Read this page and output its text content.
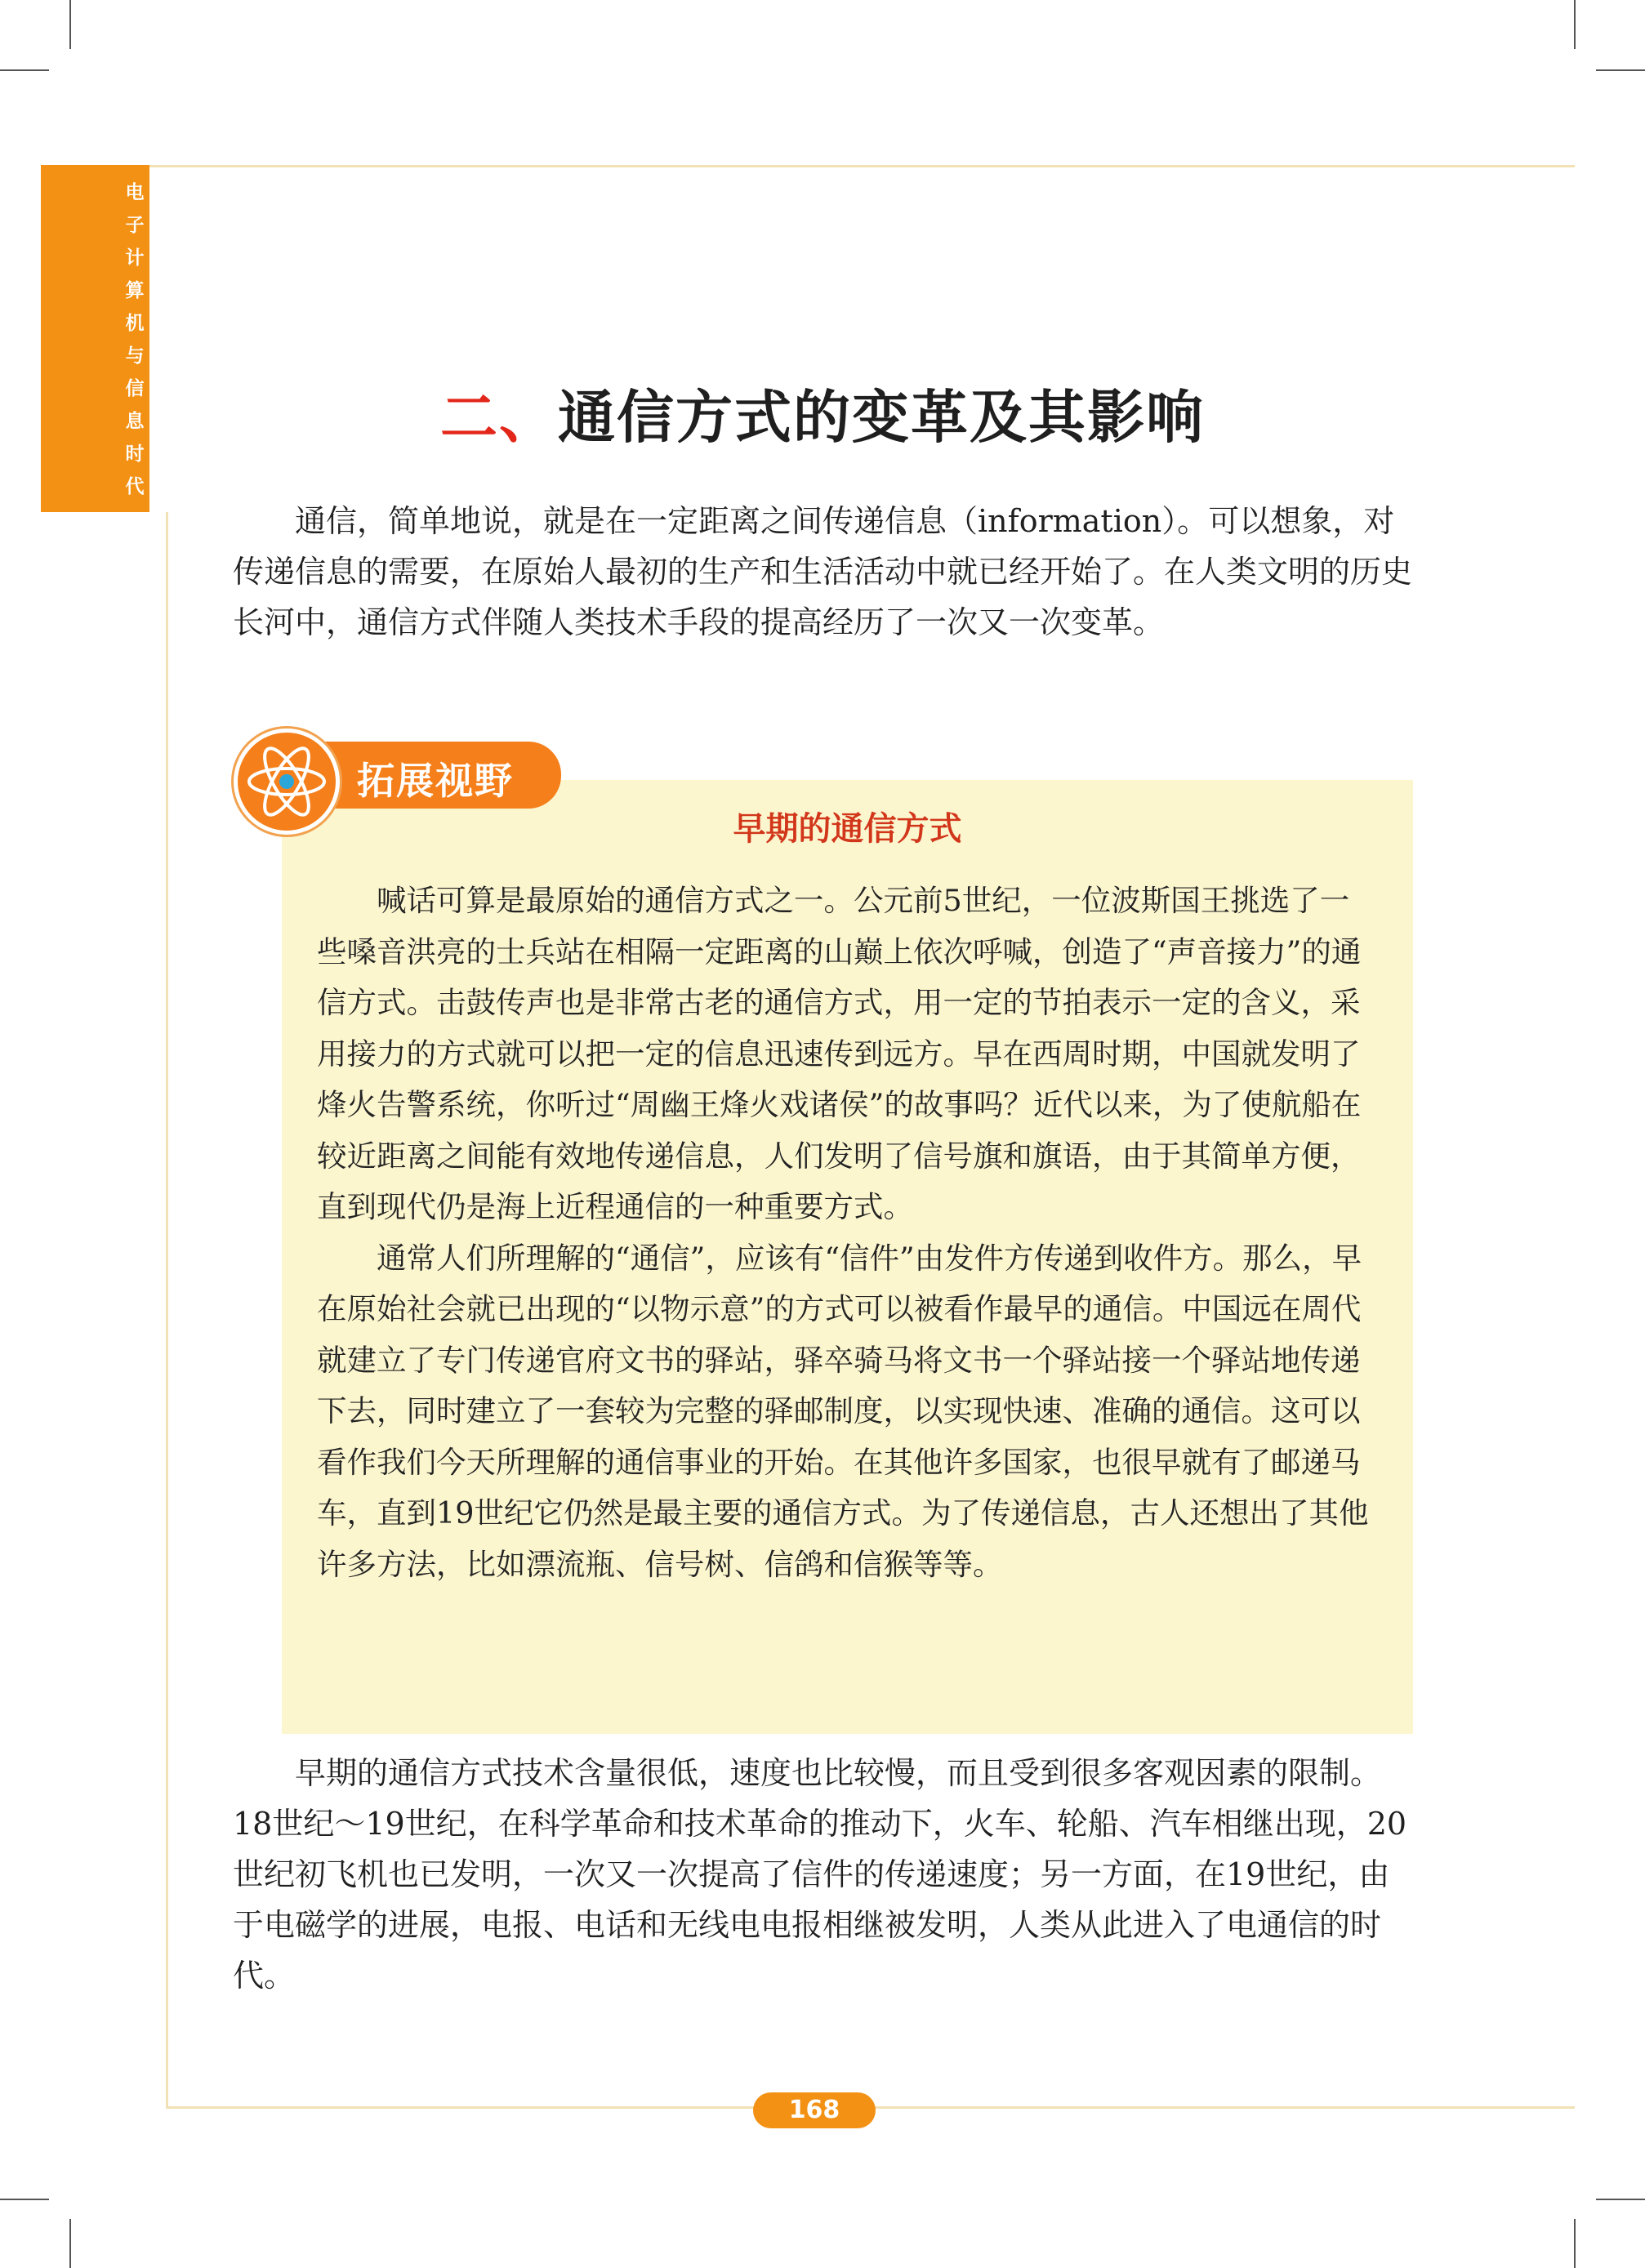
电子计算机与信息时代
二、通信方式的变革及其影响

通信，简单地说，就是在一定距离之间传递信息（information）。可以想象，对传递信息的需要，在原始人最初的生产和生活活动中就已经开始了。在人类文明的历史长河中，通信方式伴随人类技术手段的提高经历了一次又一次变革。

拓展视野
早期的通信方式

喊话可算是最原始的通信方式之一。公元前5世纪，一位波斯国王挑选了一些嗓音洪亮的士兵站在相隔一定距离的山巅上依次呼喊，创造了“声音接力”的通信方式。击鼓传声也是非常古老的通信方式，用一定的节拍表示一定的含义，采用接力的方式就可以把一定的信息迅速传到远方。早在西周时期，中国就发明了烽火告警系统，你听过“周幽王烽火戏诸侯”的故事吗？近代以来，为了使航船在较近距离之间能有效地传递信息，人们发明了信号旗和旗语，由于其简单方便，直到现代仍是海上近程通信的一种重要方式。

通常人们所理解的“通信”，应该有“信件”由发件方传递到收件方。那么，早在原始社会就已出现的“以物示意”的方式可以被看作最早的通信。中国远在周代就建立了专门传递官府文书的驿站，驿卒骑马将文书一个驿站接一个驿站地传递下去，同时建立了一套较为完整的驿邮制度，以实现快速、准确的通信。这可以看作我们今天所理解的通信事业的开始。在其他许多国家，也很早就有了邮递马车，直到19世纪它仍然是最主要的通信方式。为了传递信息，古人还想出了其他许多方法，比如漂流瓶、信号树、信鸽和信猴等等。

早期的通信方式技术含量很低，速度也比较慢，而且受到很多客观因素的限制。18世纪～19世纪，在科学革命和技术革命的推动下，火车、轮船、汽车相继出现，20世纪初飞机也已发明，一次又一次提高了信件的传递速度；另一方面，在19世纪，由于电磁学的进展，电报、电话和无线电电报相继被发明，人类从此进入了电通信的时代。

168
